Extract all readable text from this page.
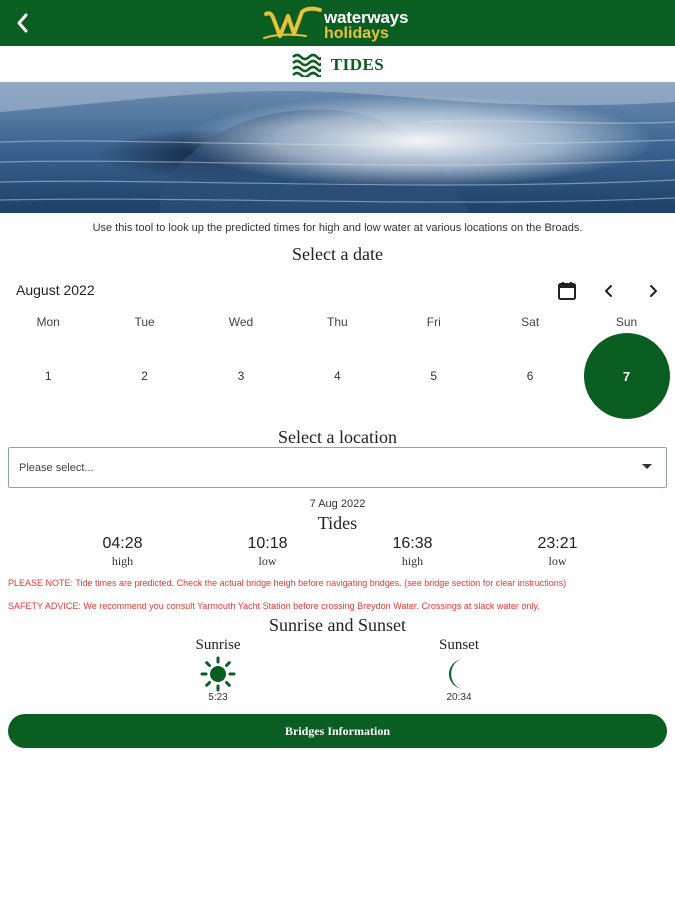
waterways
holidays
TIDES
Use this tool to look up the predicted times for high and low water at various locations on the Broads.
Select a date
August 2022
Mon	Tue	Wed	Thu	Fri	Sat	Sun
1	2	3	4	5	6	7
Select a location
Please select...
7 Aug 2022
Tides
04:28
high
10:18
low
16:38
high
23:21
low
PLEASE NOTE: Tide times are predicted. Check the actual bridge heigh before navigating bridges. (see bridge section for clear instructions)
SAFETY ADVICE: We recommend you consult Yarmouth Yacht Station before crossing Breydon Water. Crossings at slack water only.
Sunrise and Sunset
Sunrise
5:23
Sunset
20:34
Bridges Information
